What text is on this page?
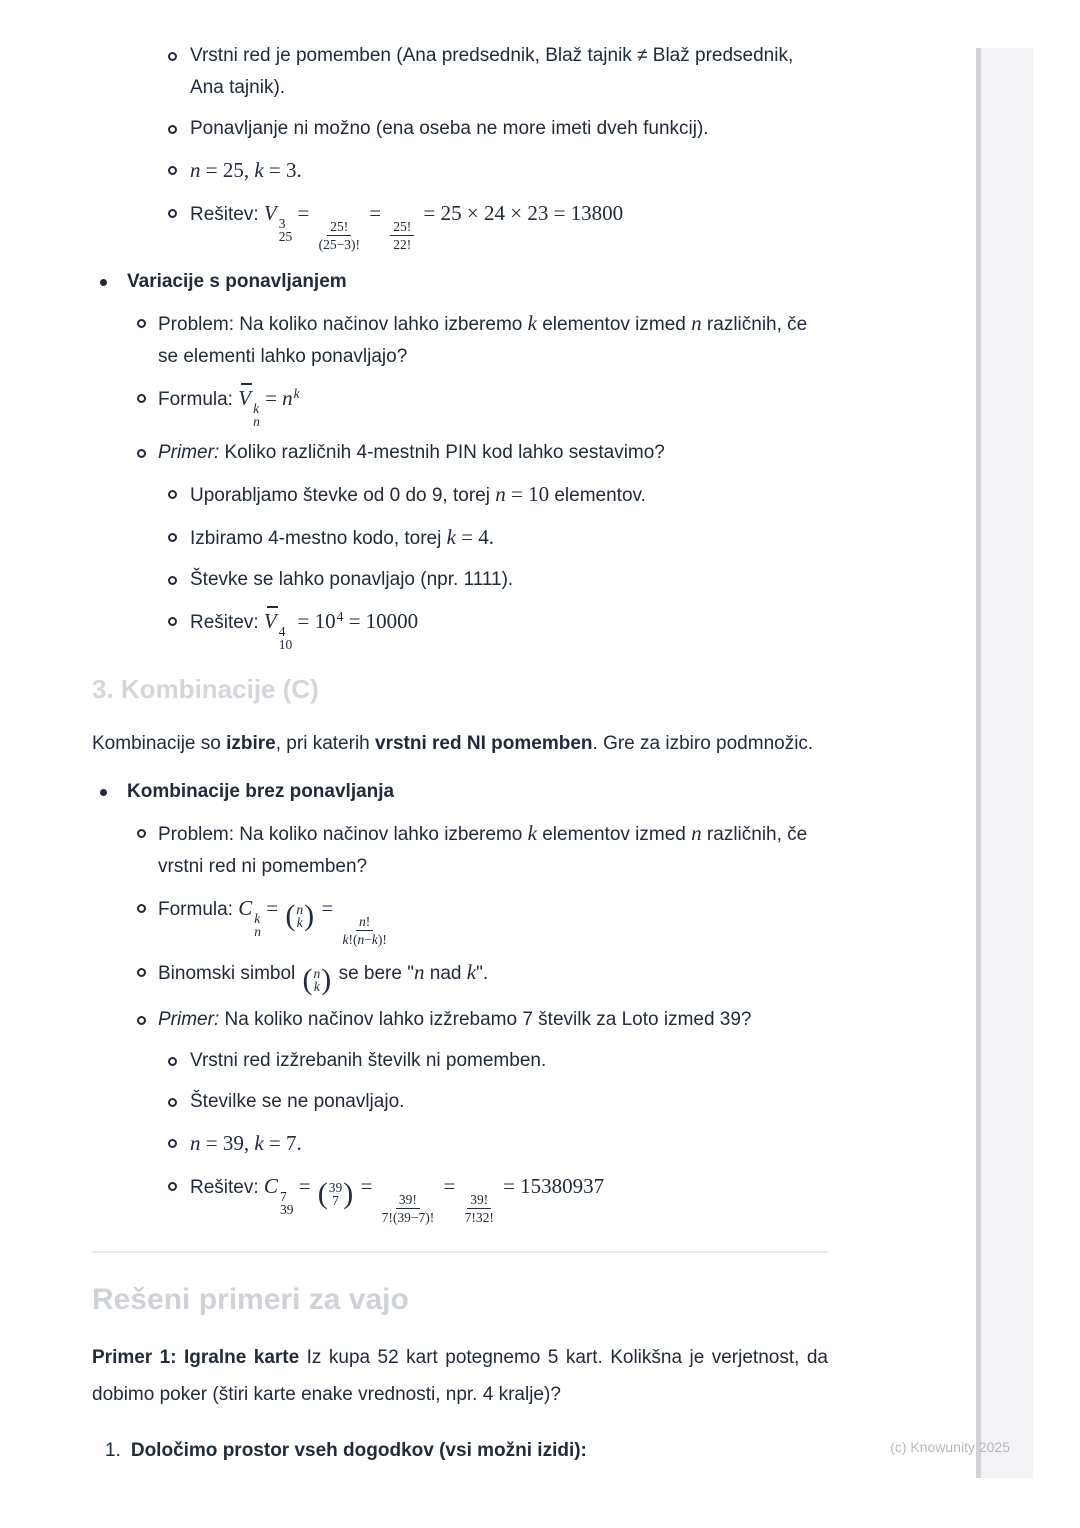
Vrstni red je pomemben (Ana predsednik, Blaž tajnik ≠ Blaž predsednik, Ana tajnik).
Ponavljanje ni možno (ena oseba ne more imeti dveh funkcij).
n = 25, k = 3.
Rešitev: V 3
25
=
$\frac{25!}{(25-3)!}$
=
$\frac{25!}{22!}$
= 25 × 24 × 23 = 13800
Variacije s ponavljanjem
Problem: Na koliko načinov lahko izberemo k elementov izmed n različnih, če se elementi lahko ponavljajo?
Formula: V k
n
= $n^k$
Primer: Koliko različnih 4-mestnih PIN kod lahko sestavimo?
Uporabljamo števke od 0 do 9, torej n = 10 elementov.
Izbiramo 4-mestno kodo, torej k = 4.
Števke se lahko ponavljajo (npr. 1111).
Rešitev: V 4
10
= $10^4 = 10000$
3. Kombinacije (C)

Kombinacije so izbire, pri katerih vrstni red NI pomemben. Gre za izbiro podmnožic.

Kombinacije brez ponavljanja
Problem: Na koliko načinov lahko izberemo k elementov izmed n različnih, če vrstni red ni pomemben?
Formula: C k
n
= ( n
k ) =
$\frac{n!}{k!(n-k)!}$
Binomski simbol ( n
k ) se bere "n nad k".
Primer: Na koliko načinov lahko izžrebamo 7 številk za Loto izmed 39?
Vrstni red izžrebanih številk ni pomemben.
Številke se ne ponavljajo.
n = 39, k = 7.
Rešitev: C 7
39
= ( 39
7 ) =
$\frac{39!}{7!(39-7)!}$
=
$\frac{39!}{7!32!}$
= 15380937
Rešeni primeri za vajo

Primer 1: Igralne karte Iz kupa 52 kart potegnemo 5 kart. Kolikšna je verjetnost, da dobimo poker (štiri karte enake vrednosti, npr. 4 kralje)?

1. Določimo prostor vseh dogodkov (vsi možni izidi):	(c) Knowunity 2025
